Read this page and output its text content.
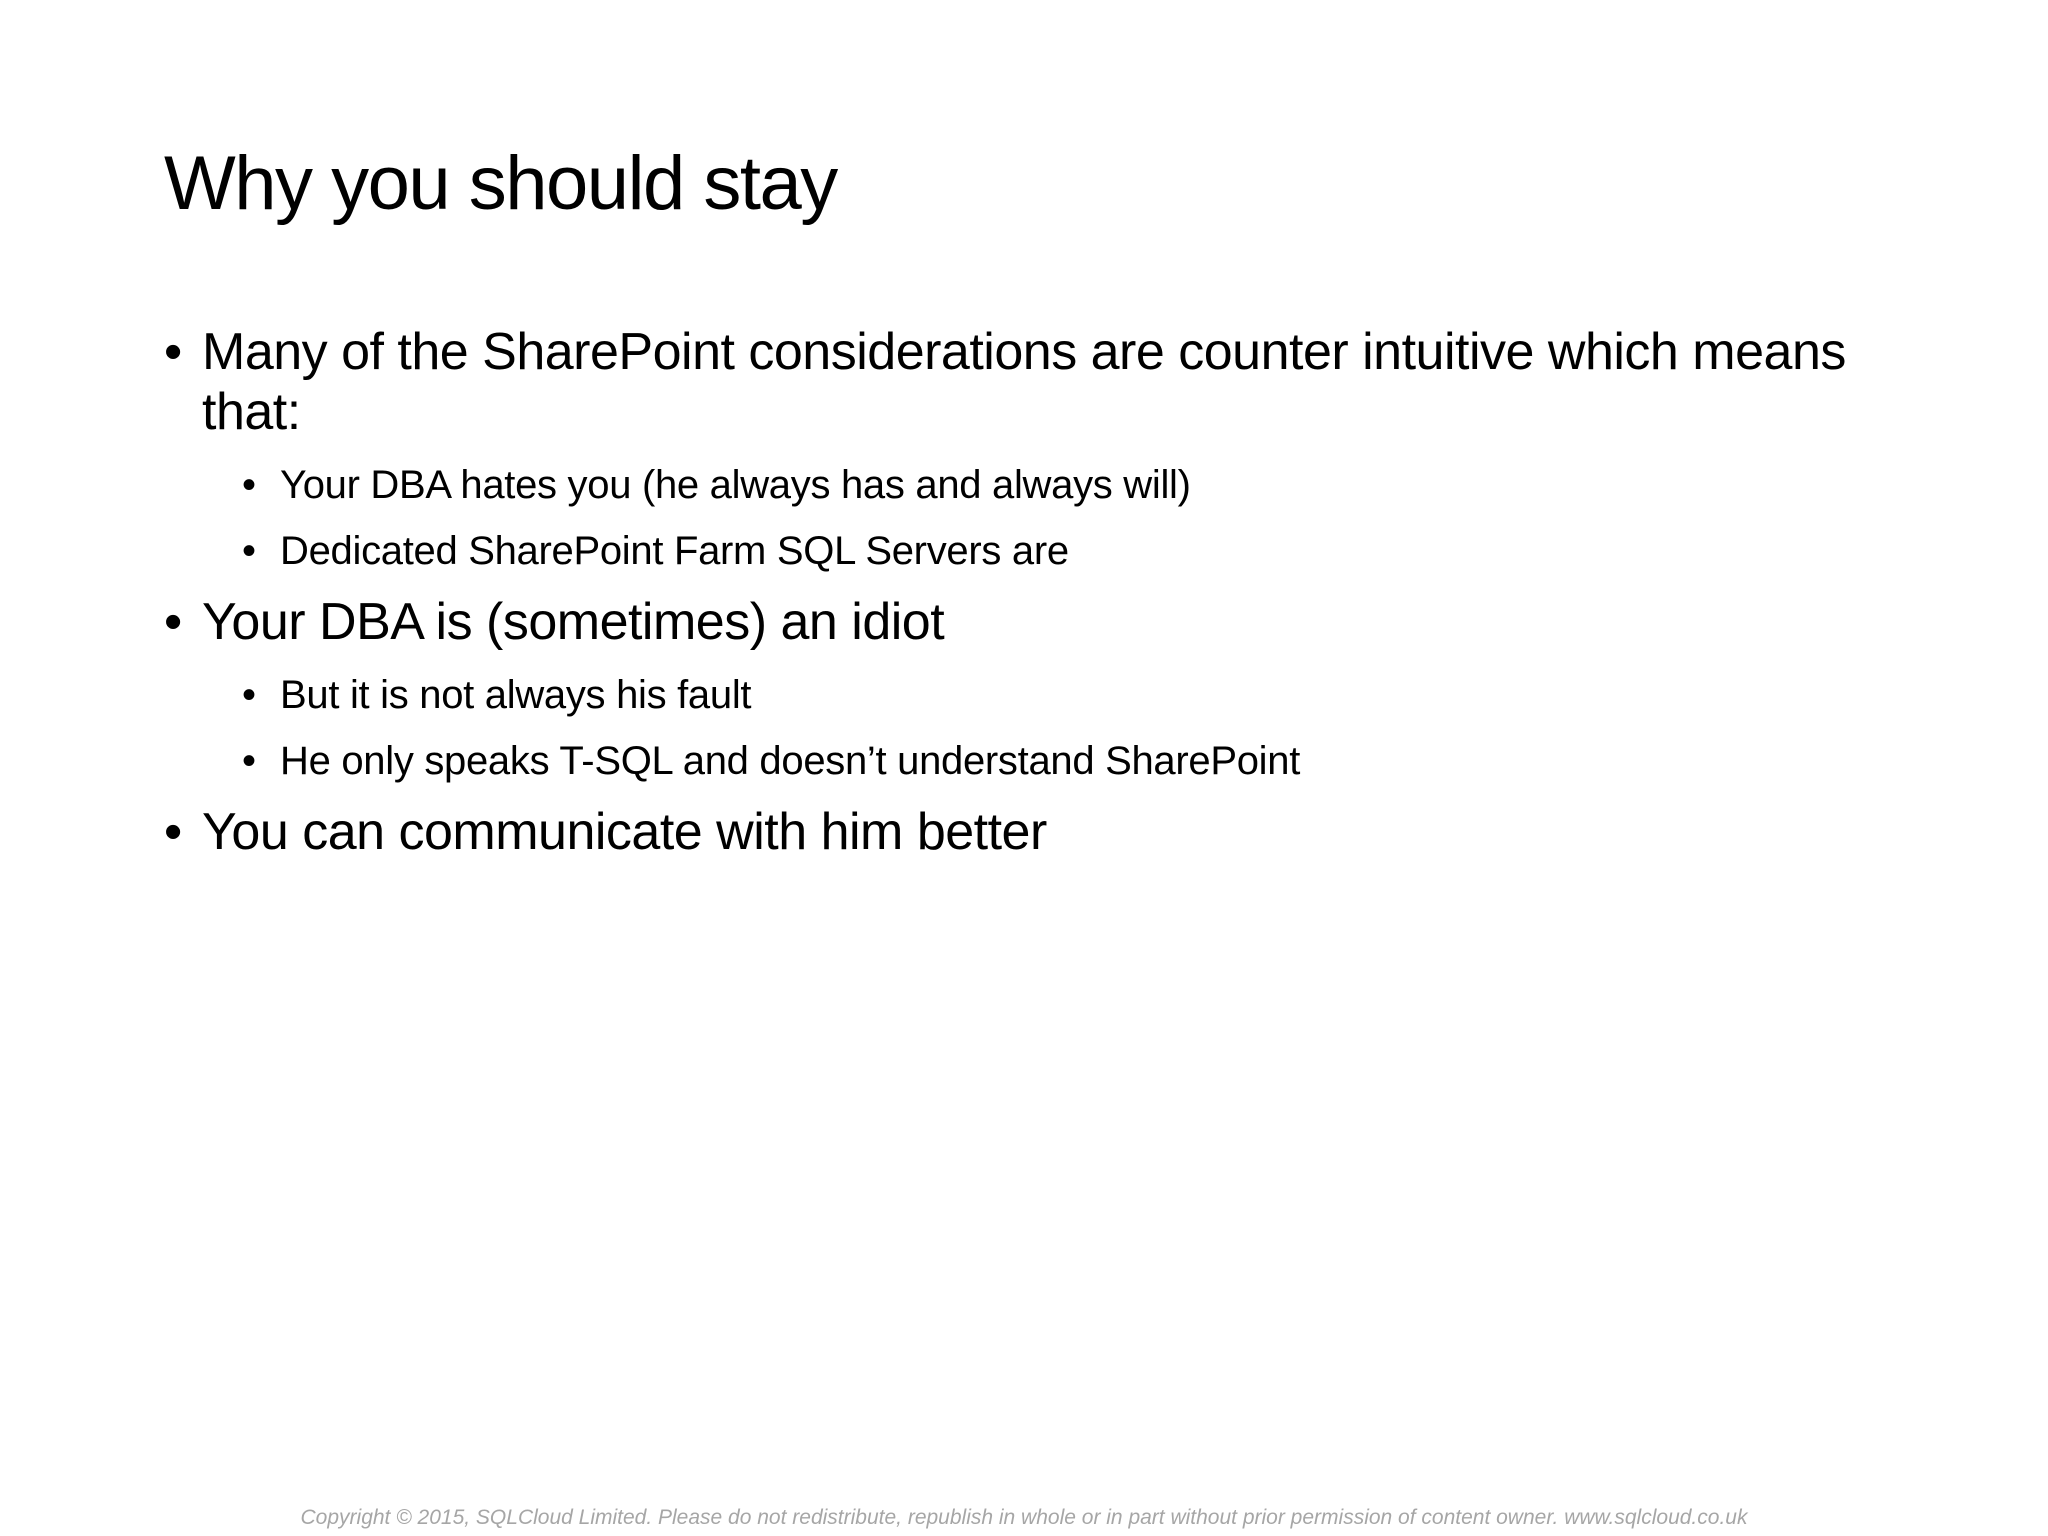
Why you should stay
• Many of the SharePoint considerations are counter intuitive which means that:
• Your DBA hates you (he always has and always will)
• Dedicated SharePoint Farm SQL Servers are
• Your DBA is (sometimes) an idiot
• But it is not always his fault
• He only speaks T-SQL and doesn’t understand SharePoint
• You can communicate with him better
Copyright © 2015, SQLCloud Limited. Please do not redistribute, republish in whole or in part without prior permission of content owner. www.sqlcloud.co.uk
